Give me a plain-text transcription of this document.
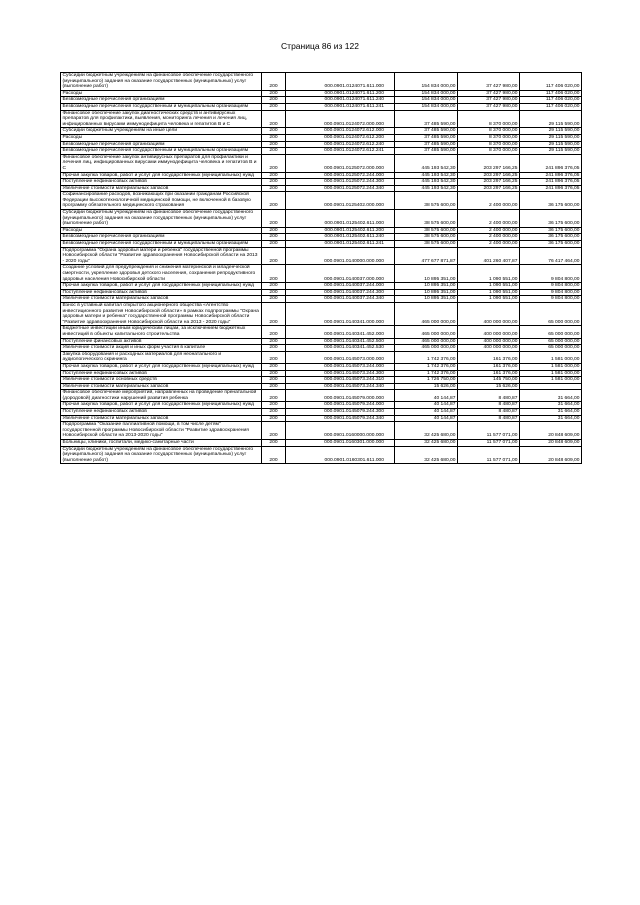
Страница 86 из 122
Субсидии бюджетным учреждениям на финансовое обеспечение государственного (муниципального) задания на оказание государственных (муниципальных) услуг (выполнение работ)	200	000.0901.0124071.611.000	154 834 000,00	37 427 980,00	117 406 020,00
Расходы	200	000.0901.0124071.611.200	154 834 000,00	37 427 980,00	117 406 020,00
Безвозмездные перечисления организациям	200	000.0901.0124071.611.240	154 834 000,00	37 427 980,00	117 406 020,00
Безвозмездные перечисления государственным и муниципальным организациям	200	000.0901.0124071.611.241	154 834 000,00	37 427 980,00	117 406 020,00
Финансовое обеспечение закупок диагностических средств и антивирусных препаратов для профилактики, выявления, мониторинга лечения и лечения лиц, инфицированных вирусами иммунодефицита человека и гепатитов В и С	200	000.0901.0124072.000.000	37 485 590,00	8 370 000,00	29 115 590,00
Субсидии бюджетным учреждениям на иные цели	200	000.0901.0124072.612.000	37 485 590,00	8 370 000,00	29 115 590,00
Расходы	200	000.0901.0124072.612.200	37 485 590,00	8 370 000,00	29 115 590,00
Безвозмездные перечисления организациям	200	000.0901.0124072.612.240	37 485 590,00	8 370 000,00	29 115 590,00
Безвозмездные перечисления государственным и муниципальным организациям	200	000.0901.0124072.612.241	37 485 590,00	8 370 000,00	29 115 590,00
Финансовое обеспечение закупок антивирусных препаратов для профилактики и лечения лиц, инфицированных вирусами иммунодефицита человека и гепатитов В и С	200	000.0901.0125072.000.000	445 193 542,30	203 297 166,25	241 896 376,05
Прочая закупка товаров, работ и услуг для государственных (муниципальных) нужд	200	000.0901.0125072.244.000	445 193 542,30	203 297 166,25	241 896 376,05
Поступление нефинансовых активов	200	000.0901.0125072.244.300	445 193 542,30	203 297 166,25	241 896 376,05
Увеличение стоимости материальных запасов	200	000.0901.0125072.244.340	445 193 542,30	203 297 166,25	241 896 376,05
Софинансирование расходов, возникающих при оказании гражданам Российской Федерации высокотехнологичной медицинской помощи, не включенной в базовую программу обязательного медицинского страхования	200	000.0901.0125402.000.000	38 575 600,00	2 400 000,00	36 175 600,00
Субсидии бюджетным учреждениям на финансовое обеспечение государственного (муниципального) задания на оказание государственных (муниципальных) услуг (выполнение работ)	200	000.0901.0125402.611.000	38 575 600,00	2 400 000,00	36 175 600,00
Расходы	200	000.0901.0125402.611.200	38 575 600,00	2 400 000,00	36 175 600,00
Безвозмездные перечисления организациям	200	000.0901.0125402.611.240	38 575 600,00	2 400 000,00	36 175 600,00
Безвозмездные перечисления государственным и муниципальным организациям	200	000.0901.0125402.611.241	38 575 600,00	2 400 000,00	36 175 600,00
Подпрограмма "Охрана здоровья матери и ребенка" государственной программы Новосибирской области "Развитие здравоохранения Новосибирской области на 2013 - 2020 годы"	200	000.0901.0140000.000.000	477 677 871,87	401 260 407,87	76 417 464,00
Создание условий для предупреждения и снижения материнской и младенческой смертности, укрепление здоровья детского населения, сохранения репродуктивного здоровья населения Новосибирской области	200	000.0901.0140037.000.000	10 895 351,00	1 090 551,00	9 804 800,00
Прочая закупка товаров, работ и услуг для государственных (муниципальных) нужд	200	000.0901.0140037.244.000	10 895 351,00	1 090 551,00	9 804 800,00
Поступление нефинансовых активов	200	000.0901.0140037.244.300	10 895 351,00	1 090 551,00	9 804 800,00
Увеличение стоимости материальных запасов	200	000.0901.0140037.244.340	10 895 351,00	1 090 551,00	9 804 800,00
Взнос в уставный капитал открытого акционерного общества «Агентство инвестиционного развития Новосибирской области» в рамках подпрограммы "Охрана здоровья матери и ребенка" государственной программы Новосибирской области "Развитие здравоохранения Новосибирской области на 2013 - 2020 годы"	200	000.0901.0140341.000.000	465 000 000,00	400 000 000,00	65 000 000,00
Бюджетные инвестиции иным юридическим лицам, за исключением бюджетных инвестиций в объекты капитального строительства	200	000.0901.0140341.452.000	465 000 000,00	400 000 000,00	65 000 000,00
Поступление финансовых активов	200	000.0901.0140341.452.500	465 000 000,00	400 000 000,00	65 000 000,00
Увеличение стоимости акций и иных форм участия в капитале	200	000.0901.0140341.452.530	465 000 000,00	400 000 000,00	65 000 000,00
Закупка оборудования и расходных материалов для неонатального и аудиологического скрининга	200	000.0901.0145073.000.000	1 742 376,00	161 376,00	1 581 000,00
Прочая закупка товаров, работ и услуг для государственных (муниципальных) нужд	200	000.0901.0145073.244.000	1 742 376,00	161 376,00	1 581 000,00
Поступление нефинансовых активов	200	000.0901.0145073.244.300	1 742 376,00	161 376,00	1 581 000,00
Увеличение стоимости основных средств	200	000.0901.0145073.244.310	1 726 750,00	145 750,00	1 581 000,00
Увеличение стоимости материальных запасов	200	000.0901.0145073.244.340	15 626,00	15 626,00	
Финансовое обеспечение мероприятий, направленных на проведение пренатальной (дородовой) диагностики нарушений развития ребенка	200	000.0901.0145079.000.000	40 144,87	8 480,87	31 664,00
Прочая закупка товаров, работ и услуг для государственных (муниципальных) нужд	200	000.0901.0145079.244.000	40 144,87	8 480,87	31 664,00
Поступление нефинансовых активов	200	000.0901.0145079.244.300	40 144,87	8 480,87	31 664,00
Увеличение стоимости материальных запасов	200	000.0901.0145079.244.340	40 144,87	8 480,87	31 664,00
Подпрограмма "Оказание паллиативной помощи, в том числе детям" государственной программы Новосибирской области "Развитие здравоохранения Новосибирской области на 2013-2020 годы"	200	000.0901.0160000.000.000	32 425 680,00	11 577 071,00	20 848 609,00
Больницы, клиники, госпитали, медико-санитарные части	200	000.0901.0160301.000.000	32 425 680,00	11 577 071,00	20 848 609,00
Субсидии бюджетным учреждениям на финансовое обеспечение государственного (муниципального) задания на оказание государственных (муниципальных) услуг (выполнение работ)	200	000.0901.0160301.611.000	32 425 680,00	11 577 071,00	20 848 609,00
